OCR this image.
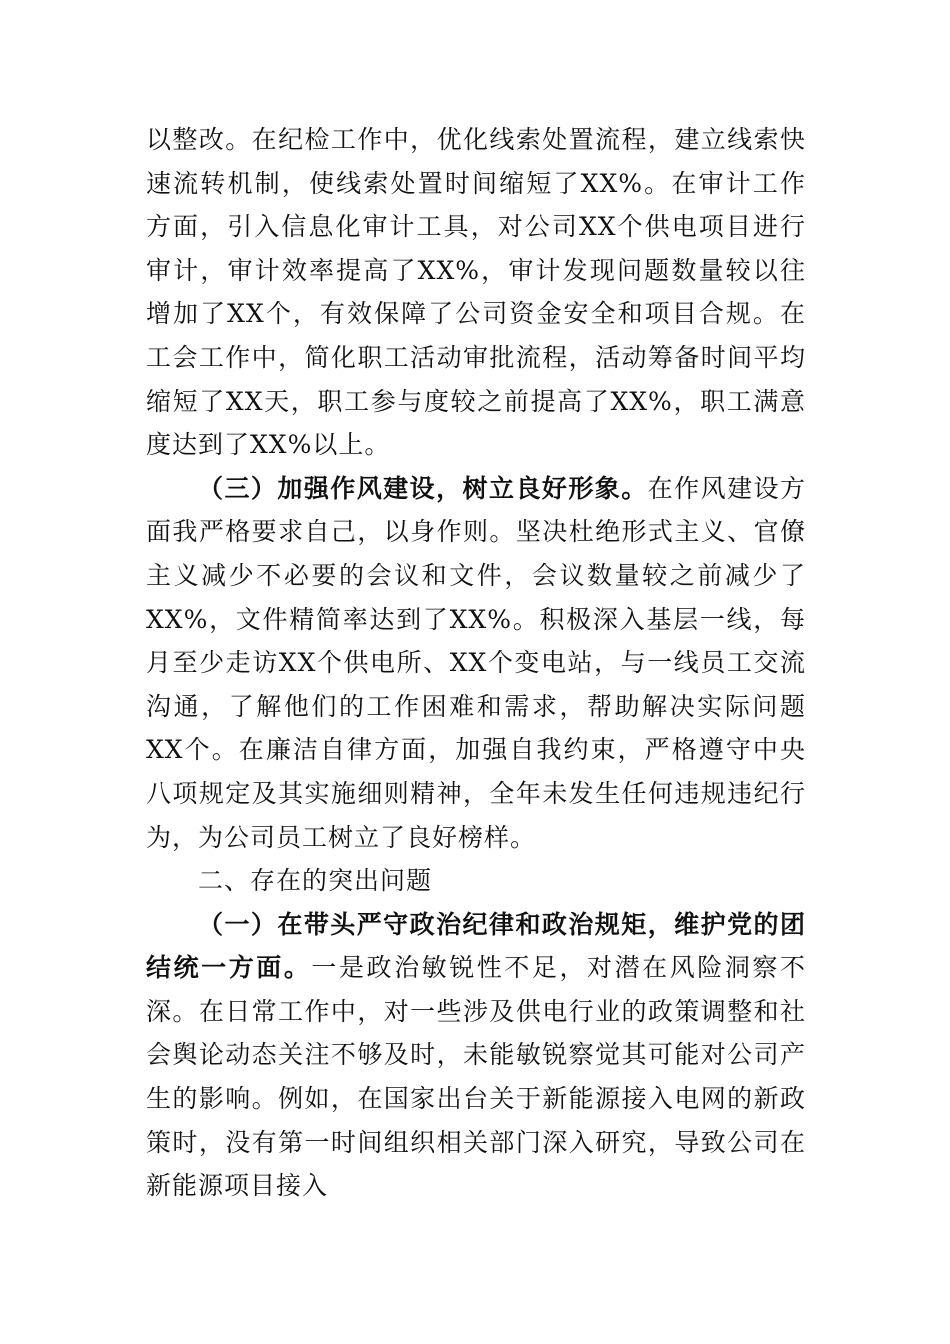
以整改。在纪检工作中，优化线索处置流程，建立线索快速流转机制，使线索处置时间缩短了XX%。在审计工作方面，引入信息化审计工具，对公司XX个供电项目进行审计，审计效率提高了XX%，审计发现问题数量较以往增加了XX个，有效保障了公司资金安全和项目合规。在工会工作中，简化职工活动审批流程，活动筹备时间平均缩短了XX天，职工参与度较之前提高了XX%，职工满意度达到了XX%以上。

（三）加强作风建设，树立良好形象。在作风建设方面我严格要求自己，以身作则。坚决杜绝形式主义、官僚主义减少不必要的会议和文件，会议数量较之前减少了XX%，文件精简率达到了XX%。积极深入基层一线，每月至少走访XX个供电所、XX个变电站，与一线员工交流沟通，了解他们的工作困难和需求，帮助解决实际问题XX个。在廉洁自律方面，加强自我约束，严格遵守中央八项规定及其实施细则精神，全年未发生任何违规违纪行为，为公司员工树立了良好榜样。

二、存在的突出问题

（一）在带头严守政治纪律和政治规矩，维护党的团结统一方面。一是政治敏锐性不足，对潜在风险洞察不深。在日常工作中，对一些涉及供电行业的政策调整和社会舆论动态关注不够及时，未能敏锐察觉其可能对公司产生的影响。例如，在国家出台关于新能源接入电网的新政策时，没有第一时间组织相关部门深入研究，导致公司在新能源项目接入
